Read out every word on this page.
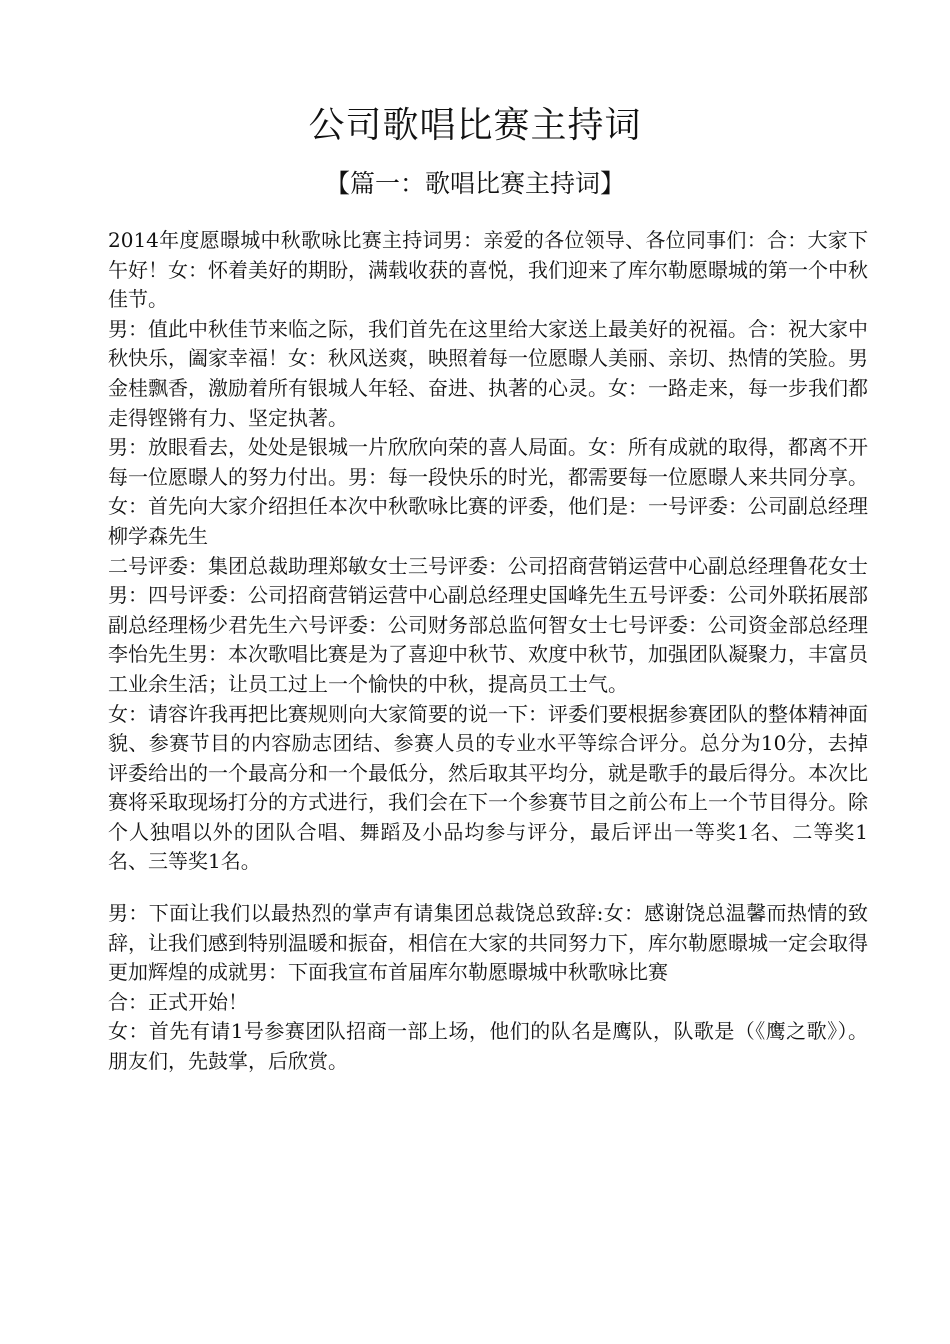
公司歌唱比赛主持词
【篇一：歌唱比赛主持词】

2014年度愿暻城中秋歌咏比赛主持词男：亲爱的各位领导、各位同事们：合：大家下午好！女：怀着美好的期盼，满载收获的喜悦，我们迎来了库尔勒愿暻城的第一个中秋佳节。

男：值此中秋佳节来临之际，我们首先在这里给大家送上最美好的祝福。合：祝大家中秋快乐，阖家幸福！女：秋风送爽，映照着每一位愿暻人美丽、亲切、热情的笑脸。男金桂飘香，激励着所有银城人年轻、奋进、执著的心灵。女：一路走来，每一步我们都走得铿锵有力、坚定执著。

男：放眼看去，处处是银城一片欣欣向荣的喜人局面。女：所有成就的取得，都离不开每一位愿暻人的努力付出。男：每一段快乐的时光，都需要每一位愿暻人来共同分享。女：首先向大家介绍担任本次中秋歌咏比赛的评委，他们是：一号评委：公司副总经理柳学森先生

二号评委：集团总裁助理郑敏女士三号评委：公司招商营销运营中心副总经理鲁花女士男：四号评委：公司招商营销运营中心副总经理史国峰先生五号评委：公司外联拓展部副总经理杨少君先生六号评委：公司财务部总监何智女士七号评委：公司资金部总经理李怡先生男：本次歌唱比赛是为了喜迎中秋节、欢度中秋节，加强团队凝聚力，丰富员工业余生活；让员工过上一个愉快的中秋，提高员工士气。

女：请容许我再把比赛规则向大家简要的说一下：评委们要根据参赛团队的整体精神面貌、参赛节目的内容励志团结、参赛人员的专业水平等综合评分。总分为10分，去掉评委给出的一个最高分和一个最低分，然后取其平均分，就是歌手的最后得分。本次比赛将采取现场打分的方式进行，我们会在下一个参赛节目之前公布上一个节目得分。除个人独唱以外的团队合唱、舞蹈及小品均参与评分，最后评出一等奖1名、二等奖1名、三等奖1名。

男：下面让我们以最热烈的掌声有请集团总裁饶总致辞:女：感谢饶总温馨而热情的致辞，让我们感到特别温暖和振奋，相信在大家的共同努力下，库尔勒愿暻城一定会取得更加辉煌的成就男：下面我宣布首届库尔勒愿暻城中秋歌咏比赛

合：正式开始！

女：首先有请1号参赛团队招商一部上场，他们的队名是鹰队，队歌是（《鹰之歌》）。朋友们，先鼓掌，后欣赏。
